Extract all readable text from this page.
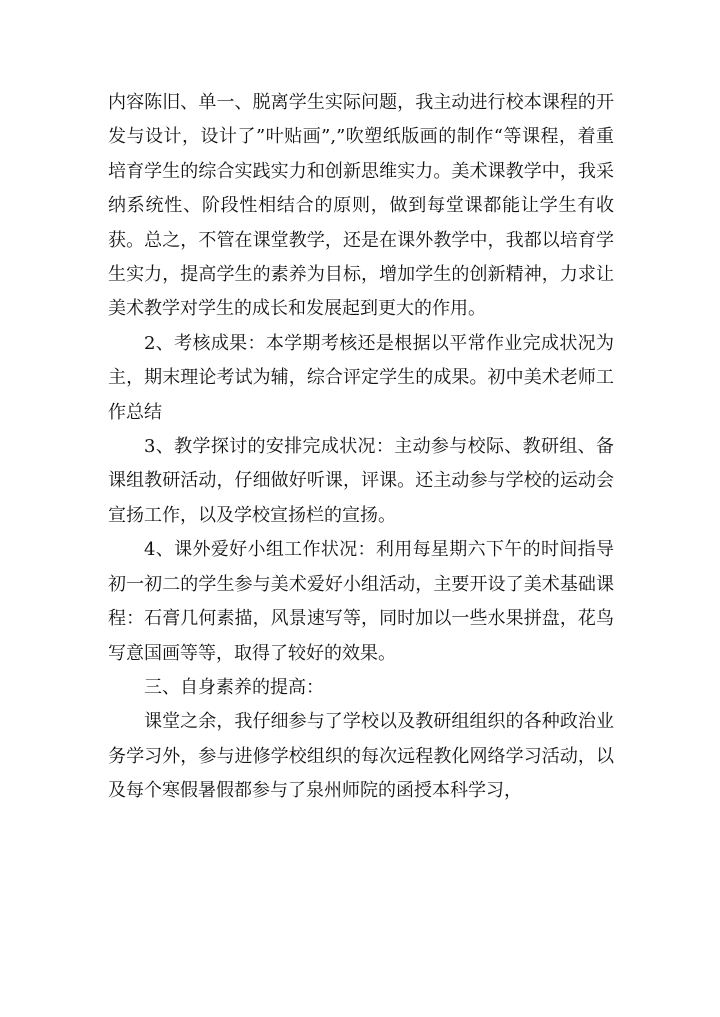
内容陈旧、单一、脱离学生实际问题，我主动进行校本课程的开发与设计，设计了”叶贴画”,”吹塑纸版画的制作“等课程，着重培育学生的综合实践实力和创新思维实力。美术课教学中，我采纳系统性、阶段性相结合的原则，做到每堂课都能让学生有收获。总之，不管在课堂教学，还是在课外教学中，我都以培育学生实力，提高学生的素养为目标，增加学生的创新精神，力求让美术教学对学生的成长和发展起到更大的作用。

2、考核成果：本学期考核还是根据以平常作业完成状况为主，期末理论考试为辅，综合评定学生的成果。初中美术老师工作总结

3、教学探讨的安排完成状况：主动参与校际、教研组、备课组教研活动，仔细做好听课，评课。还主动参与学校的运动会宣扬工作，以及学校宣扬栏的宣扬。

4、课外爱好小组工作状况：利用每星期六下午的时间指导初一初二的学生参与美术爱好小组活动，主要开设了美术基础课程：石膏几何素描，风景速写等，同时加以一些水果拼盘，花鸟写意国画等等，取得了较好的效果。

三、自身素养的提高：

课堂之余，我仔细参与了学校以及教研组组织的各种政治业务学习外，参与进修学校组织的每次远程教化网络学习活动，以及每个寒假暑假都参与了泉州师院的函授本科学习，
